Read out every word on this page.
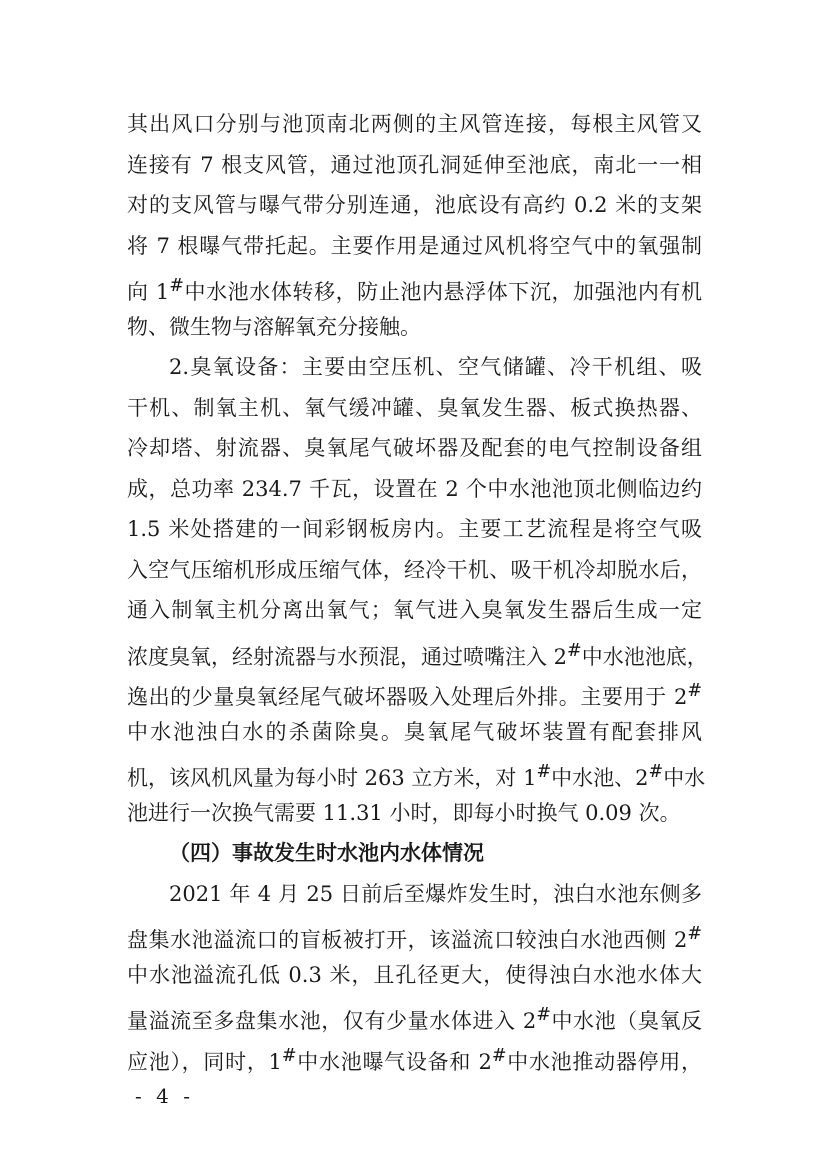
其出风口分别与池顶南北两侧的主风管连接，每根主风管又
连接有 7 根支风管，通过池顶孔洞延伸至池底，南北一一相
对的支风管与曝气带分别连通，池底设有高约 0.2 米的支架
将 7 根曝气带托起。主要作用是通过风机将空气中的氧强制
向 1#中水池水体转移，防止池内悬浮体下沉，加强池内有机
物、微生物与溶解氧充分接触。
2.臭氧设备：主要由空压机、空气储罐、冷干机组、吸
干机、制氧主机、氧气缓冲罐、臭氧发生器、板式换热器、
冷却塔、射流器、臭氧尾气破坏器及配套的电气控制设备组
成，总功率 234.7 千瓦，设置在 2 个中水池池顶北侧临边约
1.5 米处搭建的一间彩钢板房内。主要工艺流程是将空气吸
入空气压缩机形成压缩气体，经冷干机、吸干机冷却脱水后，
通入制氧主机分离出氧气；氧气进入臭氧发生器后生成一定
浓度臭氧，经射流器与水预混，通过喷嘴注入 2#中水池池底，
逸出的少量臭氧经尾气破坏器吸入处理后外排。主要用于 2#
中水池浊白水的杀菌除臭。臭氧尾气破坏装置有配套排风
机，该风机风量为每小时 263 立方米，对 1#中水池、2#中水
池进行一次换气需要 11.31 小时，即每小时换气 0.09 次。
（四）事故发生时水池内水体情况
2021 年 4 月 25 日前后至爆炸发生时，浊白水池东侧多
盘集水池溢流口的盲板被打开，该溢流口较浊白水池西侧 2#
中水池溢流孔低 0.3 米，且孔径更大，使得浊白水池水体大
量溢流至多盘集水池，仅有少量水体进入 2#中水池（臭氧反
应池），同时，1#中水池曝气设备和 2#中水池推动器停用，
- 4 -
